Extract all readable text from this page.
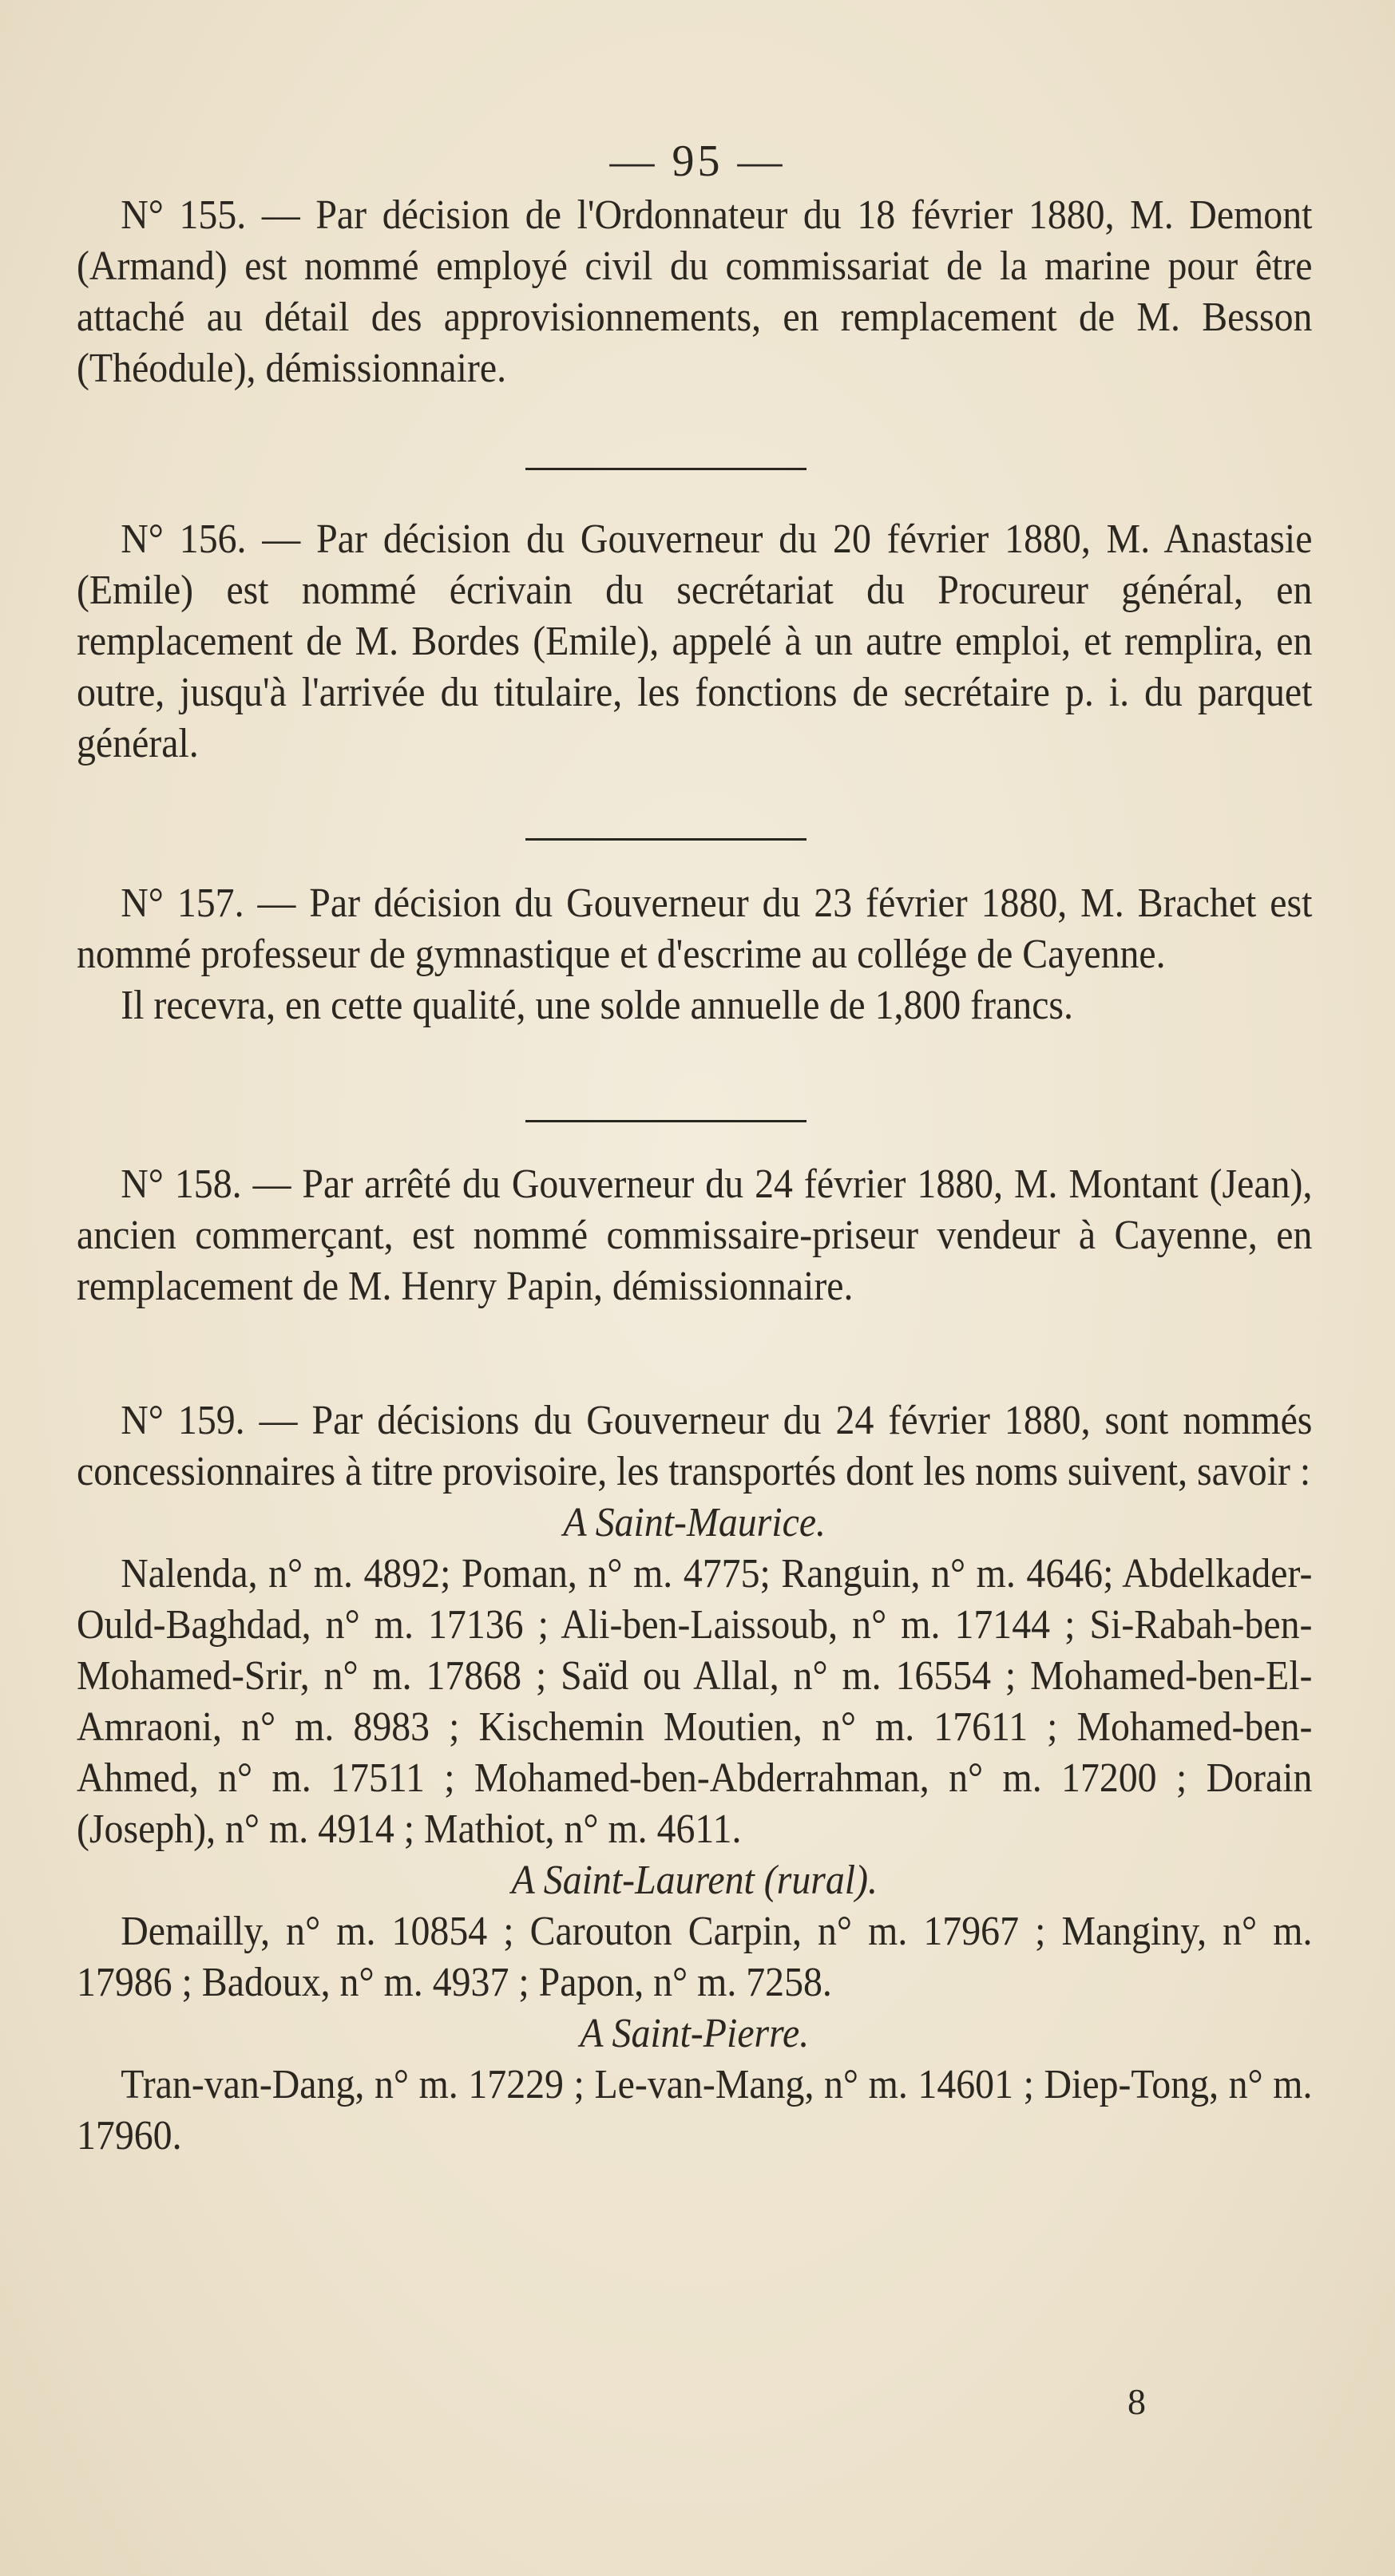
— 95 —

N° 155. — Par décision de l'Ordonnateur du 18 février 1880, M. Demont (Armand) est nommé employé civil du commissariat de la marine pour être attaché au détail des approvisionnements, en remplacement de M. Besson (Théodule), démissionnaire.

N° 156. — Par décision du Gouverneur du 20 février 1880, M. Anastasie (Emile) est nommé écrivain du secrétariat du Procureur général, en remplacement de M. Bordes (Emile), appelé à un autre emploi, et remplira, en outre, jusqu'à l'arrivée du titulaire, les fonctions de secrétaire p. i. du parquet général.

N° 157. — Par décision du Gouverneur du 23 février 1880, M. Brachet est nommé professeur de gymnastique et d'escrime au collége de Cayenne.

Il recevra, en cette qualité, une solde annuelle de 1,800 francs.

N° 158. — Par arrêté du Gouverneur du 24 février 1880, M. Montant (Jean), ancien commerçant, est nommé commissaire-priseur vendeur à Cayenne, en remplacement de M. Henry Papin, démissionnaire.

N° 159. — Par décisions du Gouverneur du 24 février 1880, sont nommés concessionnaires à titre provisoire, les transportés dont les noms suivent, savoir :

A Saint-Maurice.

Nalenda, n° m. 4892; Poman, n° m. 4775; Ranguin, n° m. 4646; Abdelkader-Ould-Baghdad, n° m. 17136 ; Ali-ben-Laissoub, n° m. 17144 ; Si-Rabah-ben-Mohamed-Srir, n° m. 17868 ; Saïd ou Allal, n° m. 16554 ; Mohamed-ben-El-Amraoni, n° m. 8983 ; Kischemin Moutien, n° m. 17611 ; Mohamed-ben-Ahmed, n° m. 17511 ; Mohamed-ben-Abderrahman, n° m. 17200 ; Dorain (Joseph), n° m. 4914 ; Mathiot, n° m. 4611.

A Saint-Laurent (rural).

Demailly, n° m. 10854 ; Carouton Carpin, n° m. 17967 ; Manginy, n° m. 17986 ; Badoux, n° m. 4937 ; Papon, n° m. 7258.

A Saint-Pierre.

Tran-van-Dang, n° m. 17229 ; Le-van-Mang, n° m. 14601 ; Diep-Tong, n° m. 17960.

8
